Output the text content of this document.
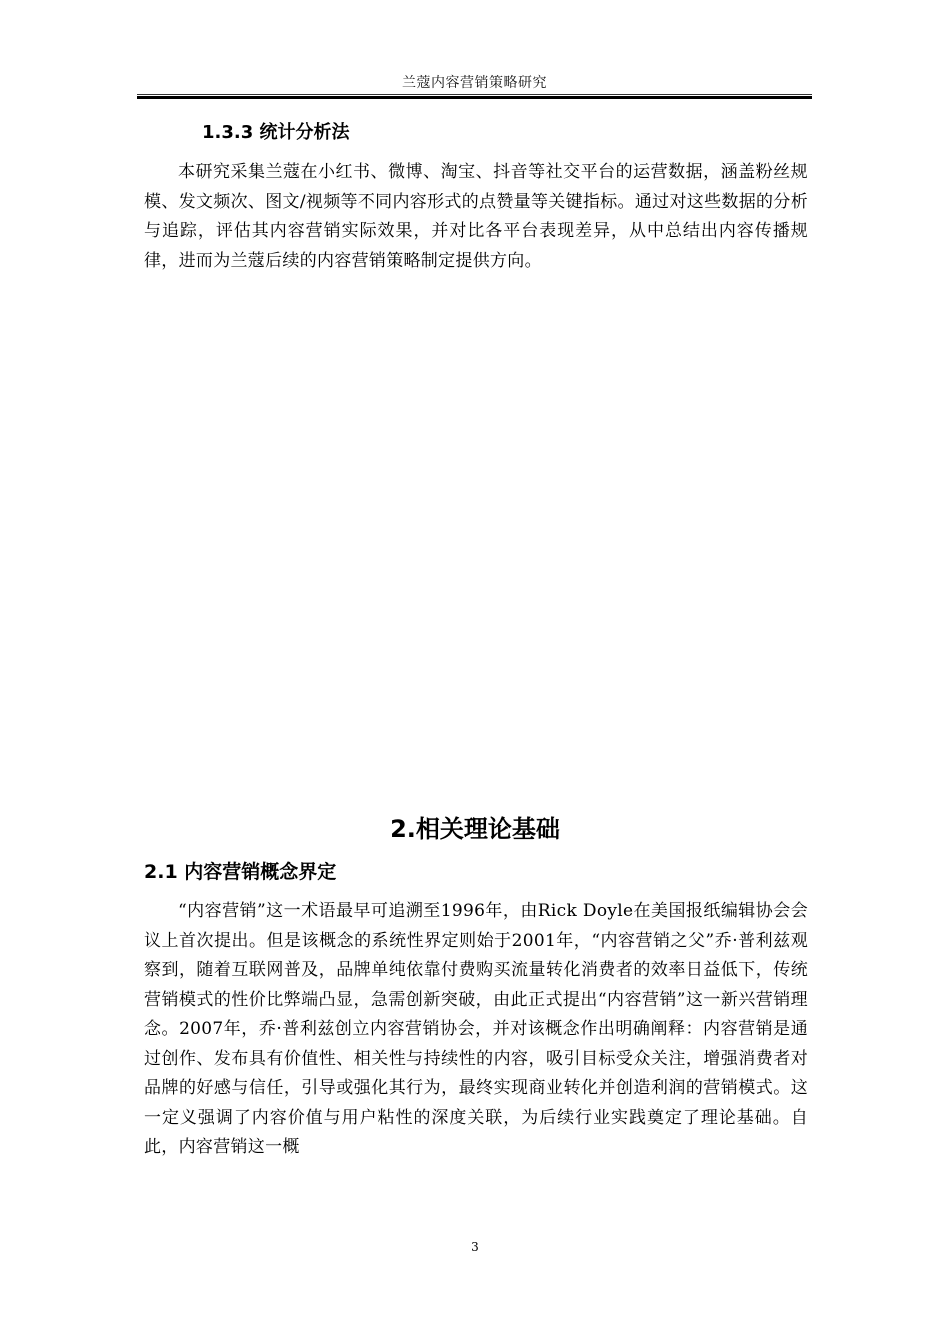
兰蔻内容营销策略研究
1.3.3 统计分析法
本研究采集兰蔻在小红书、微博、淘宝、抖音等社交平台的运营数据，涵盖粉丝规模、发文频次、图文/视频等不同内容形式的点赞量等关键指标。通过对这些数据的分析与追踪，评估其内容营销实际效果，并对比各平台表现差异，从中总结出内容传播规律，进而为兰蔻后续的内容营销策略制定提供方向。
2.相关理论基础
2.1 内容营销概念界定
“内容营销”这一术语最早可追溯至1996年，由Rick Doyle在美国报纸编辑协会会议上首次提出。但是该概念的系统性界定则始于2001年，“内容营销之父”乔·普利兹观察到，随着互联网普及，品牌单纯依靠付费购买流量转化消费者的效率日益低下，传统营销模式的性价比弊端凸显，急需创新突破，由此正式提出“内容营销”这一新兴营销理念。2007年，乔·普利兹创立内容营销协会，并对该概念作出明确阐释：内容营销是通过创作、发布具有价值性、相关性与持续性的内容，吸引目标受众关注，增强消费者对品牌的好感与信任，引导或强化其行为，最终实现商业转化并创造利润的营销模式。这一定义强调了内容价值与用户粘性的深度关联，为后续行业实践奠定了理论基础。自此，内容营销这一概
3
